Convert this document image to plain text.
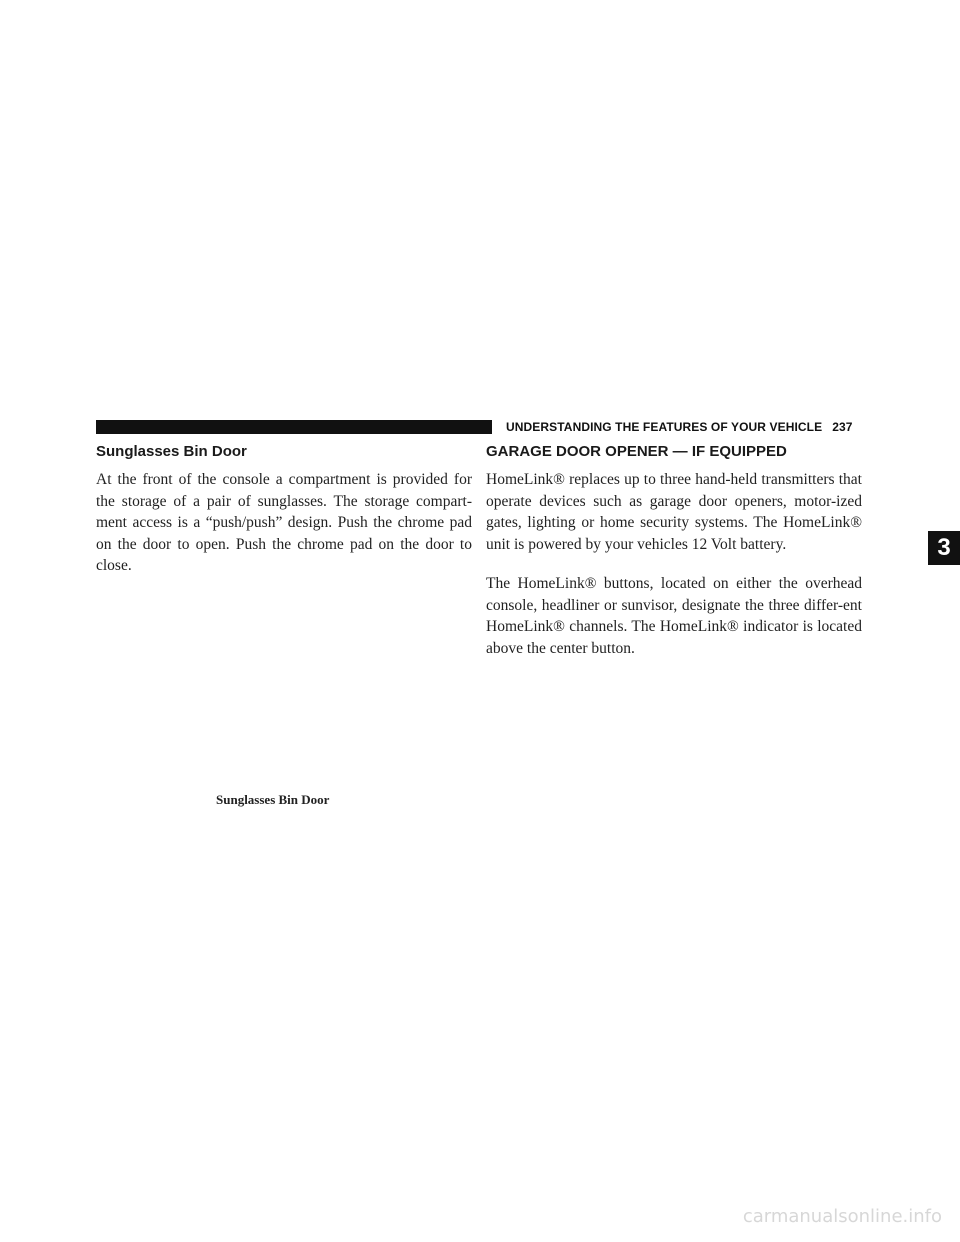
UNDERSTANDING THE FEATURES OF YOUR VEHICLE 237
Sunglasses Bin Door
At the front of the console a compartment is provided for the storage of a pair of sunglasses. The storage compart-ment access is a “push/push” design. Push the chrome pad on the door to open. Push the chrome pad on the door to close.
Sunglasses Bin Door
GARAGE DOOR OPENER — IF EQUIPPED
HomeLink® replaces up to three hand-held transmitters that operate devices such as garage door openers, motor-ized gates, lighting or home security systems. The HomeLink® unit is powered by your vehicles 12 Volt battery.
The HomeLink® buttons, located on either the overhead console, headliner or sunvisor, designate the three differ-ent HomeLink® channels. The HomeLink® indicator is located above the center button.
3
carmanualsonline.info
